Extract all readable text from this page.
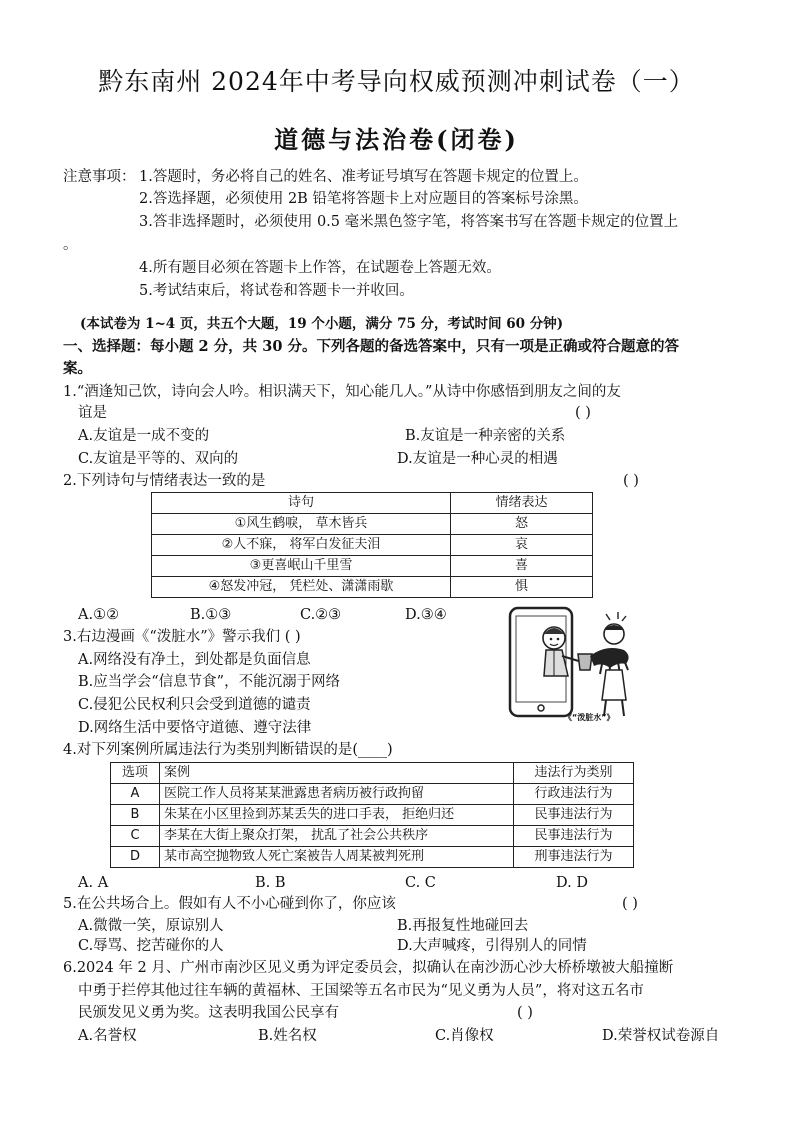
黔东南州 2024年中考导向权威预测冲刺试卷（一）
道德与法治卷(闭卷)
注意事项： 1.答题时，务必将自己的姓名、准考证号填写在答题卡规定的位置上。
2.答选择题，必须使用 2B 铅笔将答题卡上对应题目的答案标号涂黑。
3.答非选择题时，必须使用 0.5 毫米黑色签字笔，将答案书写在答题卡规定的位置上
。
4.所有题目必须在答题卡上作答，在试题卷上答题无效。
5.考试结束后，将试卷和答题卡一并收回。
(本试卷为 1~4 页，共五个大题，19 个小题，满分 75 分，考试时间 60 分钟)
一、选择题：每小题 2 分，共 30 分。下列各题的备选答案中，只有一项是正确或符合题意的答
案。
1.“酒逢知己饮，诗向会人吟。相识满天下，知心能几人。”从诗中你感悟到朋友之间的友
谊是	( )
A.友谊是一成不变的	B.友谊是一种亲密的关系
C.友谊是平等的、双向的	D.友谊是一种心灵的相遇
2.下列诗句与情绪表达一致的是	( )
诗句	情绪表达
①风生鹤唳， 草木皆兵	怒
②人不寐， 将军白发征夫泪	哀
③更喜岷山千里雪	喜
④怒发冲冠， 凭栏处、潇潇雨歇	惧
A.①②	B.①③	C.②③	D.③④
3.右边漫画《“泼脏水”》警示我们 ( )
A.网络没有净土，到处都是负面信息
B.应当学会“信息节食”，不能沉溺于网络
C.侵犯公民权利只会受到道德的谴责
D.网络生活中要恪守道德、遵守法律
《“泼脏水”》
4.对下列案例所属违法行为类别判断错误的是(____)
选项	案例	违法行为类别
A	医院工作人员将某某泄露患者病历被行政拘留	行政违法行为
B	朱某在小区里捡到苏某丢失的进口手表， 拒绝归还	民事违法行为
C	李某在大街上聚众打架， 扰乱了社会公共秩序	民事违法行为
D	某市高空抛物致人死亡案被告人周某被判死刑	刑事违法行为
A. A	B. B	C. C	D. D
5.在公共场合上。假如有人不小心碰到你了，你应该	( )
A.微微一笑，原谅别人	B.再报复性地碰回去
C.辱骂、挖苦碰你的人	D.大声喊疼，引得别人的同情
6.2024 年 2 月、广州市南沙区见义勇为评定委员会，拟确认在南沙沥心沙大桥桥墩被大船撞断
中勇于拦停其他过往车辆的黄福林、王国梁等五名市民为“见义勇为人员”，将对这五名市
民颁发见义勇为奖。这表明我国公民享有	( )
A.名誉权	B.姓名权	C.肖像权	D.荣誉权试卷源自
